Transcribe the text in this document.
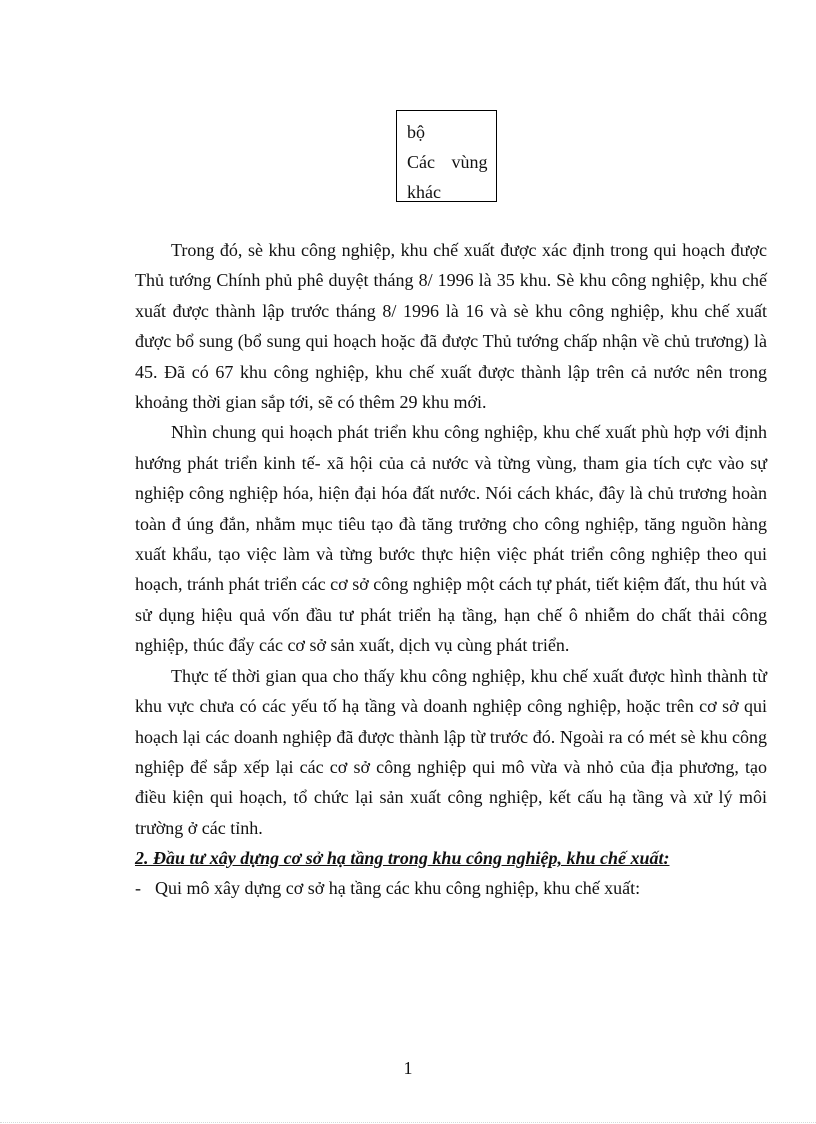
bộ
Các vùng
khác

Trong đó, sè khu công nghiệp, khu chế xuất được xác định trong qui hoạch được Thủ tướng Chính phủ phê duyệt tháng 8/ 1996 là 35 khu. Sè khu công nghiệp, khu chế xuất được thành lập trước tháng 8/ 1996 là 16 và sè khu công nghiệp, khu chế xuất được bổ sung (bổ sung qui hoạch hoặc đã được Thủ tướng chấp nhận về chủ trương) là 45. Đã có 67 khu công nghiệp, khu chế xuất được thành lập trên cả nước nên trong khoảng thời gian sắp tới, sẽ có thêm 29 khu mới.

Nhìn chung qui hoạch phát triển khu công nghiệp, khu chế xuất phù hợp với định hướng phát triển kinh tế- xã hội của cả nước và từng vùng, tham gia tích cực vào sự nghiệp công nghiệp hóa, hiện đại hóa đất nước. Nói cách khác, đây là chủ trương hoàn toàn đ úng đắn, nhằm mục tiêu tạo đà tăng trưởng cho công nghiệp, tăng nguồn hàng xuất khẩu, tạo việc làm và từng bước thực hiện việc phát triển công nghiệp theo qui hoạch, tránh phát triển các cơ sở công nghiệp một cách tự phát, tiết kiệm đất, thu hút và sử dụng hiệu quả vốn đầu tư phát triển hạ tầng, hạn chế ô nhiễm do chất thải công nghiệp, thúc đẩy các cơ sở sản xuất, dịch vụ cùng phát triển.

Thực tế thời gian qua cho thấy khu công nghiệp, khu chế xuất được hình thành từ khu vực chưa có các yếu tố hạ tầng và doanh nghiệp công nghiệp, hoặc trên cơ sở qui hoạch lại các doanh nghiệp đã được thành lập từ trước đó. Ngoài ra có mét sè khu công nghiệp để sắp xếp lại các cơ sở công nghiệp qui mô vừa và nhỏ của địa phương, tạo điều kiện qui hoạch, tổ chức lại sản xuất công nghiệp, kết cấu hạ tầng và xử lý môi trường ở các tỉnh.

2. Đầu tư xây dựng cơ sở hạ tầng trong khu công nghiệp, khu chế xuất:

- Qui mô xây dựng cơ sở hạ tầng các khu công nghiệp, khu chế xuất:

1
